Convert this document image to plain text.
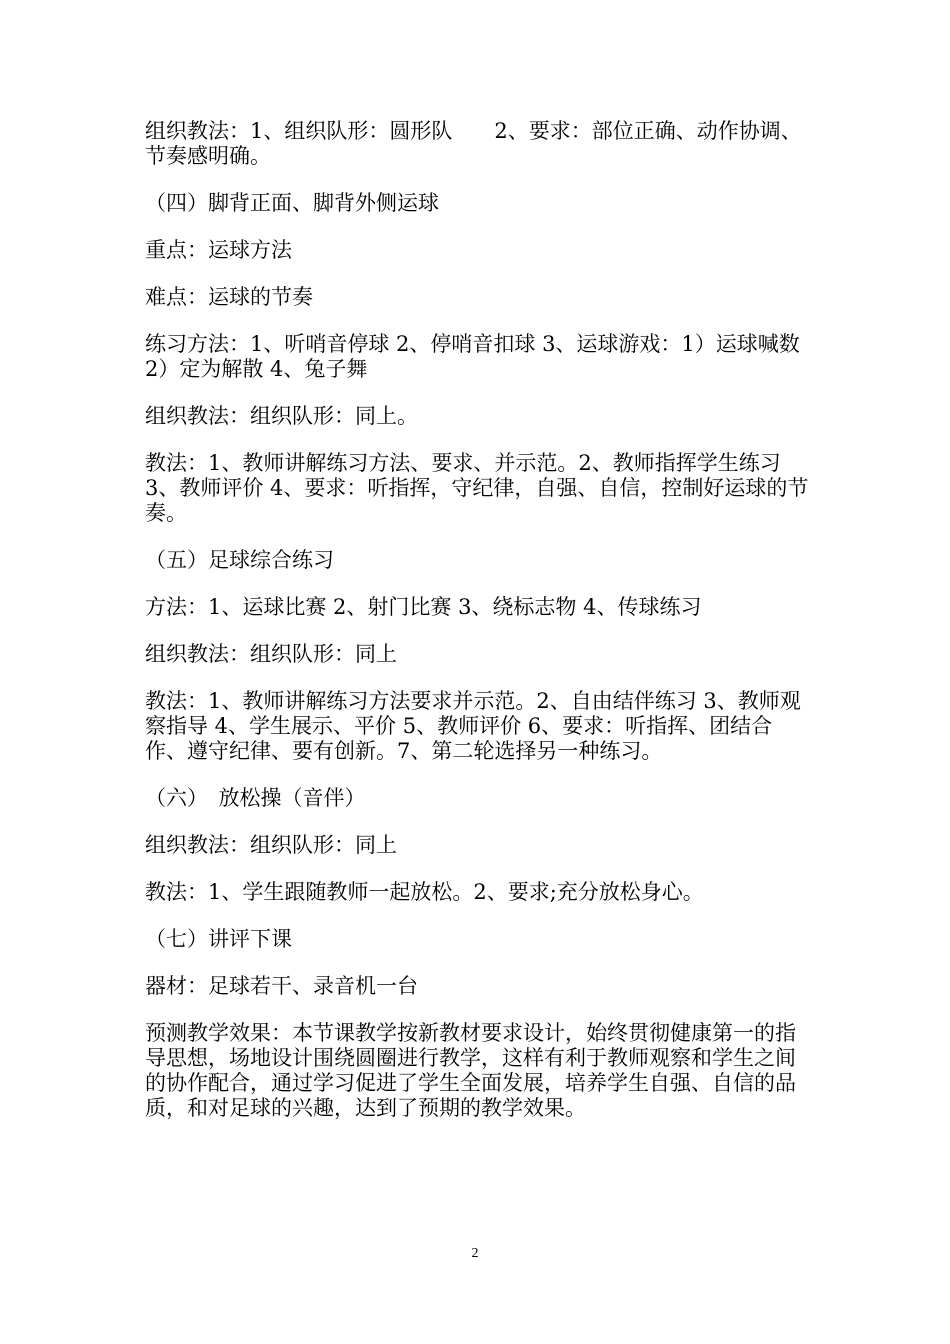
组织教法：1、组织队形：圆形队　　2、要求：部位正确、动作协调、节奏感明确。

（四）脚背正面、脚背外侧运球

重点：运球方法

难点：运球的节奏

练习方法：1、听哨音停球 2、停哨音扣球 3、运球游戏：1）运球喊数 2）定为解散 4、兔子舞

组织教法：组织队形：同上。

教法：1、教师讲解练习方法、要求、并示范。2、教师指挥学生练习 3、教师评价 4、要求：听指挥，守纪律，自强、自信，控制好运球的节奏。

（五）足球综合练习

方法：1、运球比赛 2、射门比赛 3、绕标志物 4、传球练习

组织教法：组织队形：同上

教法：1、教师讲解练习方法要求并示范。2、自由结伴练习 3、教师观察指导 4、学生展示、平价 5、教师评价 6、要求：听指挥、团结合作、遵守纪律、要有创新。7、第二轮选择另一种练习。

（六）　放松操（音伴）

组织教法：组织队形：同上

教法：1、学生跟随教师一起放松。2、要求;充分放松身心。

（七）讲评下课

器材：足球若干、录音机一台

预测教学效果：本节课教学按新教材要求设计，始终贯彻健康第一的指导思想，场地设计围绕圆圈进行教学，这样有利于教师观察和学生之间的协作配合，通过学习促进了学生全面发展，培养学生自强、自信的品质，和对足球的兴趣，达到了预期的教学效果。

2
